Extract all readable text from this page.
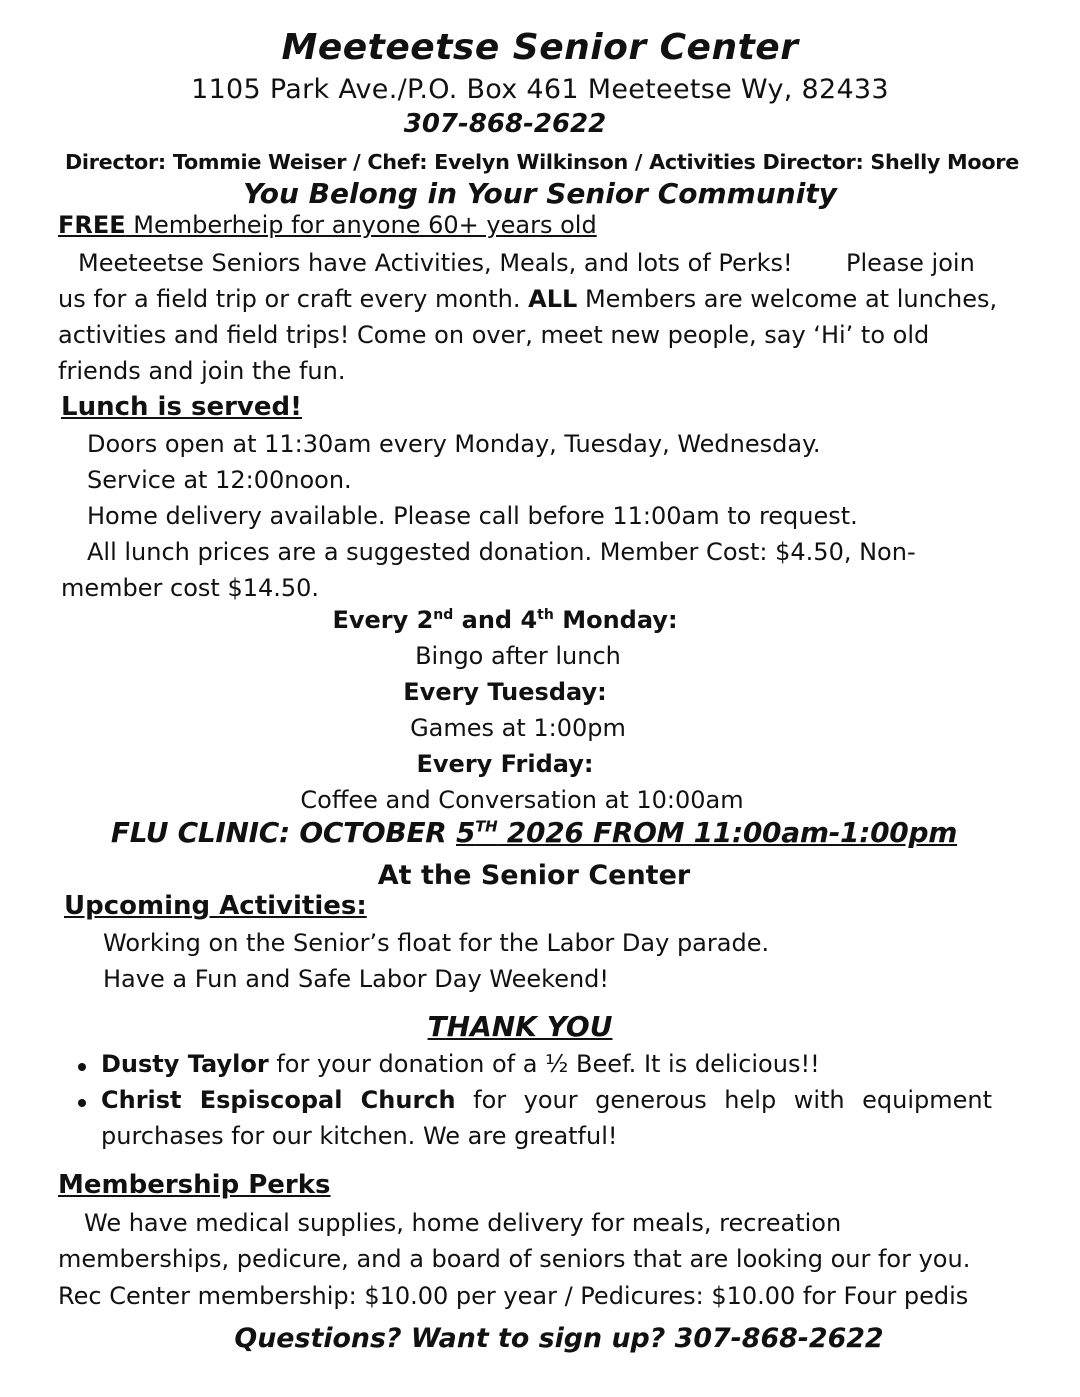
Meeteetse Senior Center
1105 Park Ave./P.O. Box 461 Meeteetse Wy, 82433
307-868-2622
Director: Tommie Weiser / Chef: Evelyn Wilkinson / Activities Director: Shelly Moore
You Belong in Your Senior Community
FREE Memberheip for anyone 60+ years old
Meeteetse Seniors have Activities, Meals, and lots of Perks!       Please join
us for a field trip or craft every month. ALL Members are welcome at lunches,
activities and field trips! Come on over, meet new people, say ‘Hi’ to old
friends and join the fun.
Lunch is served!
Doors open at 11:30am every Monday, Tuesday, Wednesday.
Service at 12:00noon.
Home delivery available. Please call before 11:00am to request.
All lunch prices are a suggested donation. Member Cost: $4.50, Non-
member cost $14.50.
Every 2nd and 4th Monday:
Bingo after lunch
Every Tuesday:
Games at 1:00pm
Every Friday:
Coffee and Conversation at 10:00am
FLU CLINIC: OCTOBER 5TH 2026 FROM 11:00am-1:00pm
At the Senior Center
Upcoming Activities:
Working on the Senior’s float for the Labor Day parade.
Have a Fun and Safe Labor Day Weekend!
THANK YOU
Dusty Taylor for your donation of a ½ Beef. It is delicious!!
Christ Espiscopal Church for your generous help with equipment
purchases for our kitchen. We are greatful!
Membership Perks
We have medical supplies, home delivery for meals, recreation
memberships, pedicure, and a board of seniors that are looking our for you.
Rec Center membership: $10.00 per year / Pedicures: $10.00 for Four pedis
Questions? Want to sign up? 307-868-2622
